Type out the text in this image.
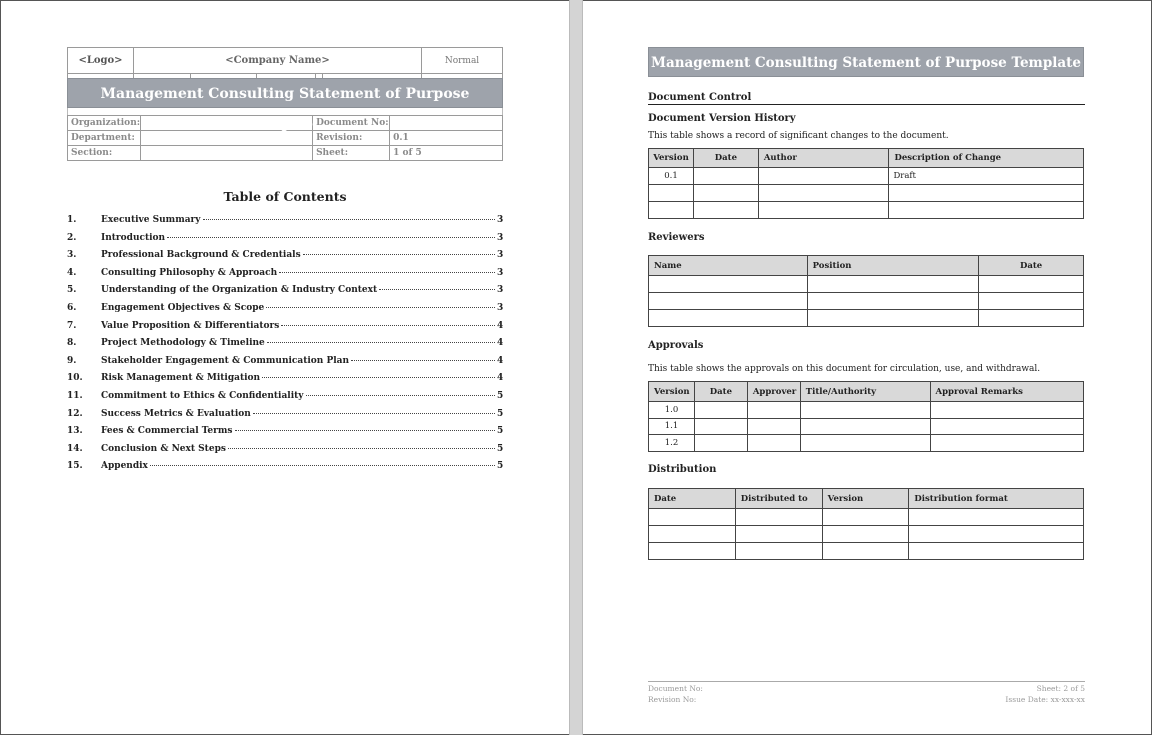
<Logo>	<Company Name>	Normal
Management Consulting Statement of Purpose Template
Organization:		Document No:	
Department:		Revision:	0.1
Section:		Sheet:	1 of 5
Table of Contents
1.	Executive Summary	3
2.	Introduction	3
3.	Professional Background & Credentials	3
4.	Consulting Philosophy & Approach	3
5.	Understanding of the Organization & Industry Context	3
6.	Engagement Objectives & Scope	3
7.	Value Proposition & Differentiators	4
8.	Project Methodology & Timeline	4
9.	Stakeholder Engagement & Communication Plan	4
10.	Risk Management & Mitigation	4
11.	Commitment to Ethics & Confidentiality	5
12.	Success Metrics & Evaluation	5
13.	Fees & Commercial Terms	5
14.	Conclusion & Next Steps	5
15.	Appendix	5
Management Consulting Statement of Purpose Template
Document Control
Document Version History
This table shows a record of significant changes to the document.
Version	Date	Author	Description of Change
0.1			Draft

Reviewers
Name	Position	Date

Approvals
This table shows the approvals on this document for circulation, use, and withdrawal.
Version	Date	Approver	Title/Authority	Approval Remarks
1.0				
1.1				
1.2				
Distribution
Date	Distributed to	Version	Distribution format

Document No:	Sheet: 2 of 5
Revision No:	Issue Date: xx-xxx-xx
